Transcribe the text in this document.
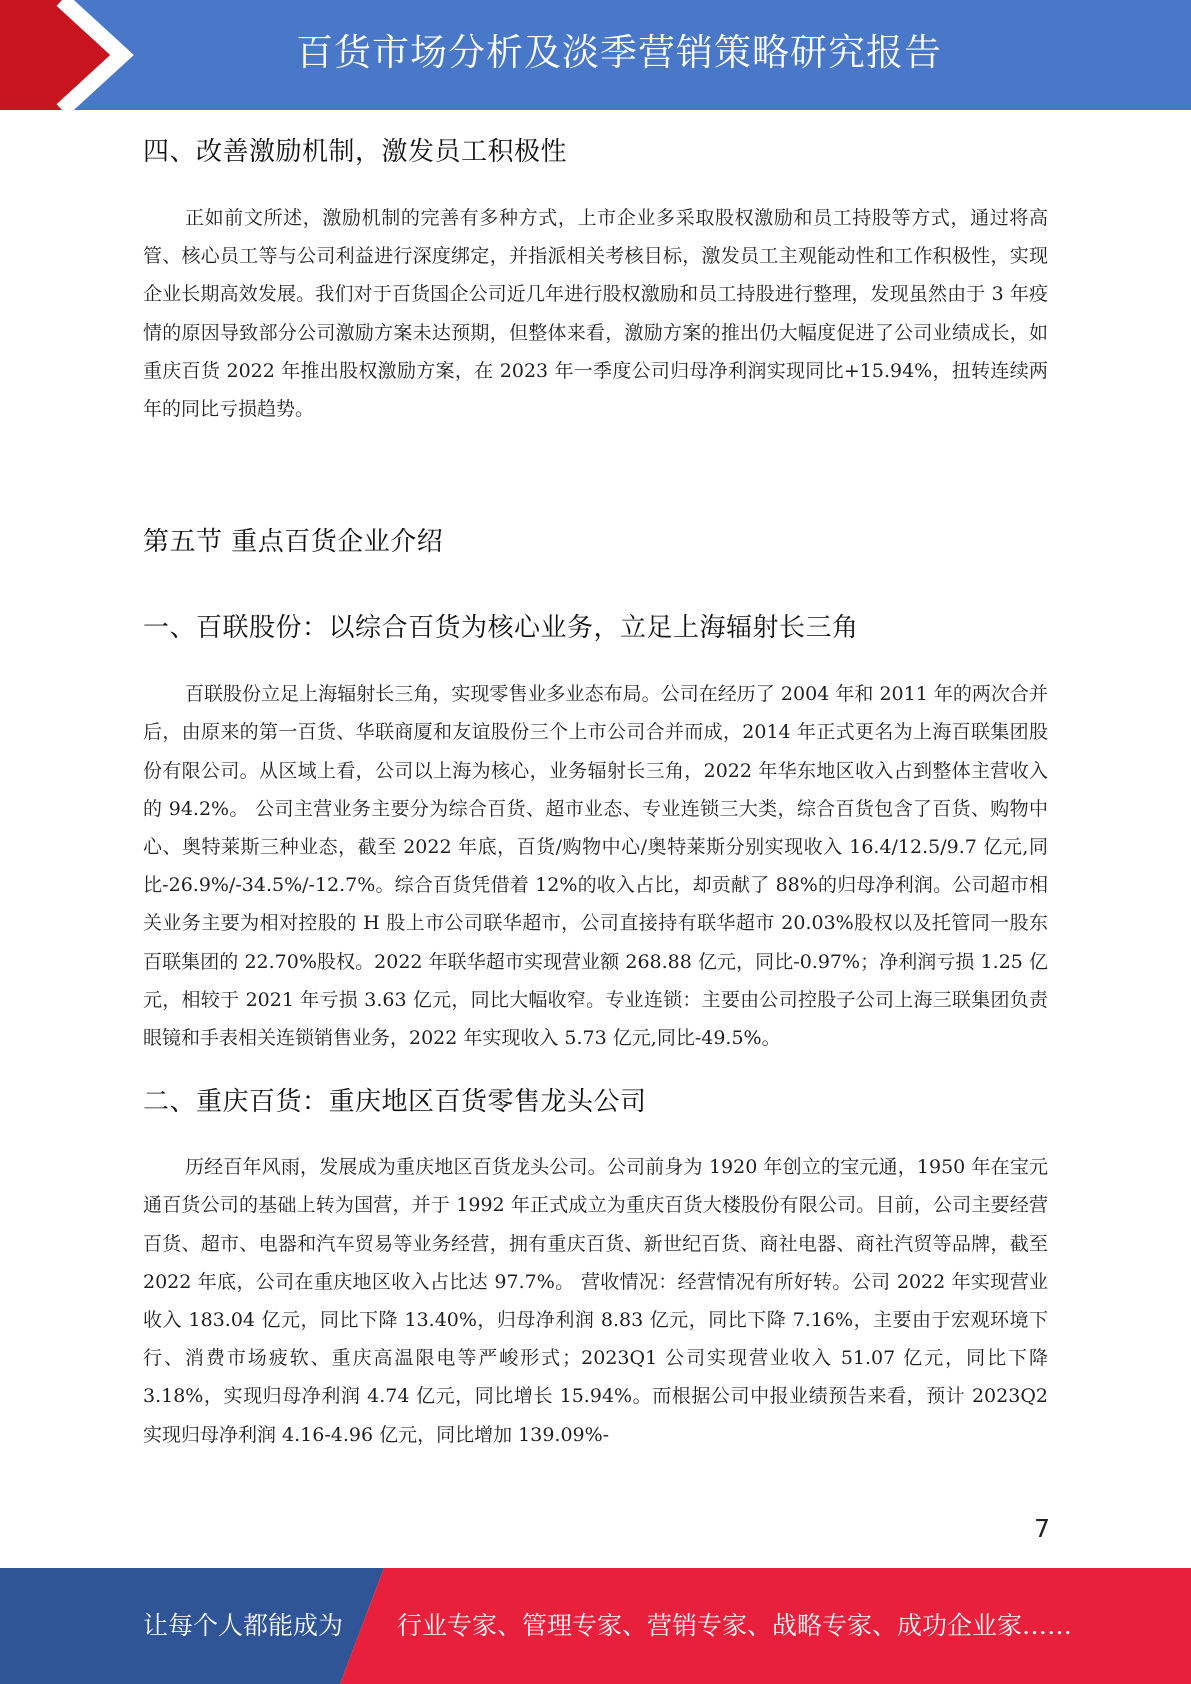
百货市场分析及淡季营销策略研究报告
四、改善激励机制，激发员工积极性

正如前文所述，激励机制的完善有多种方式，上市企业多采取股权激励和员工持股等方式，通过将高管、核心员工等与公司利益进行深度绑定，并指派相关考核目标，激发员工主观能动性和工作积极性，实现企业长期高效发展。我们对于百货国企公司近几年进行股权激励和员工持股进行整理，发现虽然由于 3 年疫情的原因导致部分公司激励方案未达预期，但整体来看，激励方案的推出仍大幅度促进了公司业绩成长，如重庆百货 2022 年推出股权激励方案，在 2023 年一季度公司归母净利润实现同比+15.94%，扭转连续两年的同比亏损趋势。

第五节 重点百货企业介绍
一、百联股份：以综合百货为核心业务，立足上海辐射长三角

百联股份立足上海辐射长三角，实现零售业多业态布局。公司在经历了 2004 年和 2011 年的两次合并后，由原来的第一百货、华联商厦和友谊股份三个上市公司合并而成，2014 年正式更名为上海百联集团股份有限公司。从区域上看，公司以上海为核心，业务辐射长三角，2022 年华东地区收入占到整体主营收入的 94.2%。 公司主营业务主要分为综合百货、超市业态、专业连锁三大类，综合百货包含了百货、购物中心、奥特莱斯三种业态，截至 2022 年底，百货/购物中心/奥特莱斯分别实现收入 16.4/12.5/9.7 亿元,同比-26.9%/-34.5%/-12.7%。综合百货凭借着 12%的收入占比，却贡献了 88%的归母净利润。公司超市相关业务主要为相对控股的 H 股上市公司联华超市，公司直接持有联华超市 20.03%股权以及托管同一股东百联集团的 22.70%股权。2022 年联华超市实现营业额 268.88 亿元，同比-0.97%；净利润亏损 1.25 亿元，相较于 2021 年亏损 3.63 亿元，同比大幅收窄。专业连锁：主要由公司控股子公司上海三联集团负责眼镜和手表相关连锁销售业务，2022 年实现收入 5.73 亿元,同比-49.5%。

二、重庆百货：重庆地区百货零售龙头公司

历经百年风雨，发展成为重庆地区百货龙头公司。公司前身为 1920 年创立的宝元通，1950 年在宝元通百货公司的基础上转为国营，并于 1992 年正式成立为重庆百货大楼股份有限公司。目前，公司主要经营百货、超市、电器和汽车贸易等业务经营，拥有重庆百货、新世纪百货、商社电器、商社汽贸等品牌，截至 2022 年底，公司在重庆地区收入占比达 97.7%。 营收情况：经营情况有所好转。公司 2022 年实现营业收入 183.04 亿元，同比下降 13.40%，归母净利润 8.83 亿元，同比下降 7.16%，主要由于宏观环境下行、消费市场疲软、重庆高温限电等严峻形式；2023Q1 公司实现营业收入 51.07 亿元，同比下降 3.18%，实现归母净利润 4.74 亿元，同比增长 15.94%。而根据公司中报业绩预告来看，预计 2023Q2 实现归母净利润 4.16-4.96 亿元，同比增加 139.09%-

7
让每个人都能成为 行业专家、管理专家、营销专家、战略专家、成功企业家……
